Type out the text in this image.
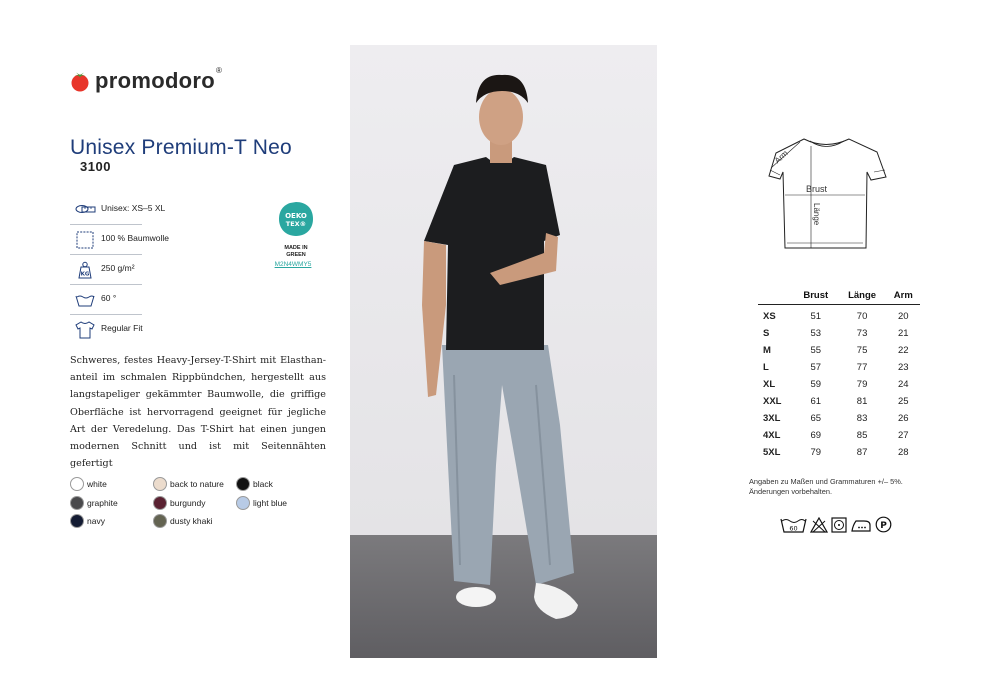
promodoro ®
Unisex Premium-T Neo
3100
Unisex: XS–5 XL
100 % Baumwolle
KG
250 g/m²
60 °
Regular Fit
OEKO
TEX®
MADE IN
GREEN
M2N4WMY5
Schweres, festes Heavy-Jersey-T-Shirt mit Elasthananteil im schmalen Rippbündchen, hergestellt aus langstapeliger gekämmter Baumwolle, die griffige Oberfläche ist hervorragend geeignet für jegliche Art der Veredelung. Das T-Shirt hat einen jungen modernen Schnitt und ist mit Seitennähten gefertigt
white	back to nature	black
graphite	burgundy	light blue
navy	dusty khaki
Arm
Brust
Länge
	Brust	Länge	Arm
XS	51	70	20
S	53	73	21
M	55	75	22
L	57	77	23
XL	59	79	24
XXL	61	81	25
3XL	65	83	26
4XL	69	85	27
5XL	79	87	28
Angaben zu Maßen und Grammaturen +/– 5%.
Änderungen vorbehalten.
60	P
